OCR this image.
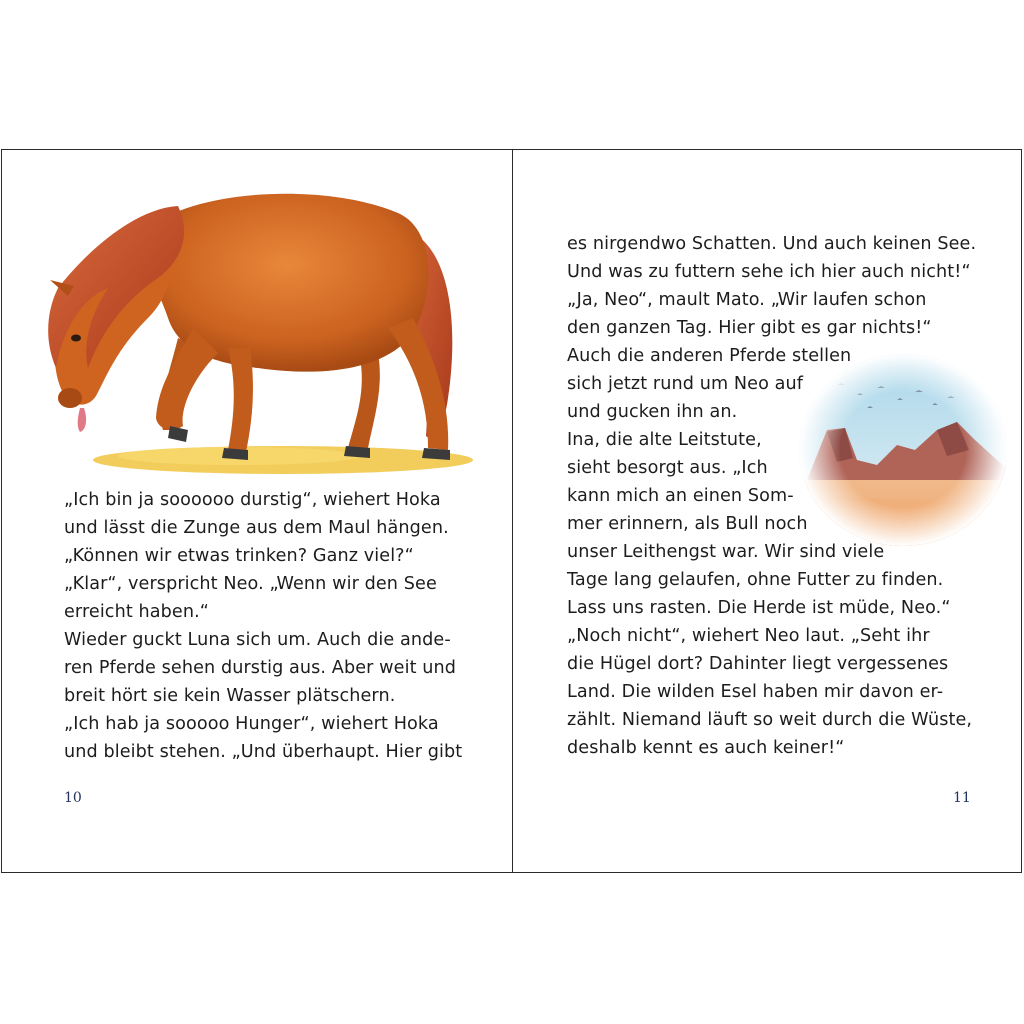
„Ich bin ja soooooo durstig“, wiehert Hoka
und lässt die Zunge aus dem Maul hängen.
„Können wir etwas trinken? Ganz viel?“
„Klar“, verspricht Neo. „Wenn wir den See
erreicht haben.“
Wieder guckt Luna sich um. Auch die ande-
ren Pferde sehen durstig aus. Aber weit und
breit hört sie kein Wasser plätschern.
„Ich hab ja sooooo Hunger“, wiehert Hoka
und bleibt stehen. „Und überhaupt. Hier gibt
10
es nirgendwo Schatten. Und auch keinen See.
Und was zu futtern sehe ich hier auch nicht!“
„Ja, Neo“, mault Mato. „Wir laufen schon
den ganzen Tag. Hier gibt es gar nichts!“
Auch die anderen Pferde stellen
sich jetzt rund um Neo auf
und gucken ihn an.
Ina, die alte Leitstute,
sieht besorgt aus. „Ich
kann mich an einen Som-
mer erinnern, als Bull noch
unser Leithengst war. Wir sind viele
Tage lang gelaufen, ohne Futter zu finden.
Lass uns rasten. Die Herde ist müde, Neo.“
„Noch nicht“, wiehert Neo laut. „Seht ihr
die Hügel dort? Dahinter liegt vergessenes
Land. Die wilden Esel haben mir davon er-
zählt. Niemand läuft so weit durch die Wüste,
deshalb kennt es auch keiner!“
11
